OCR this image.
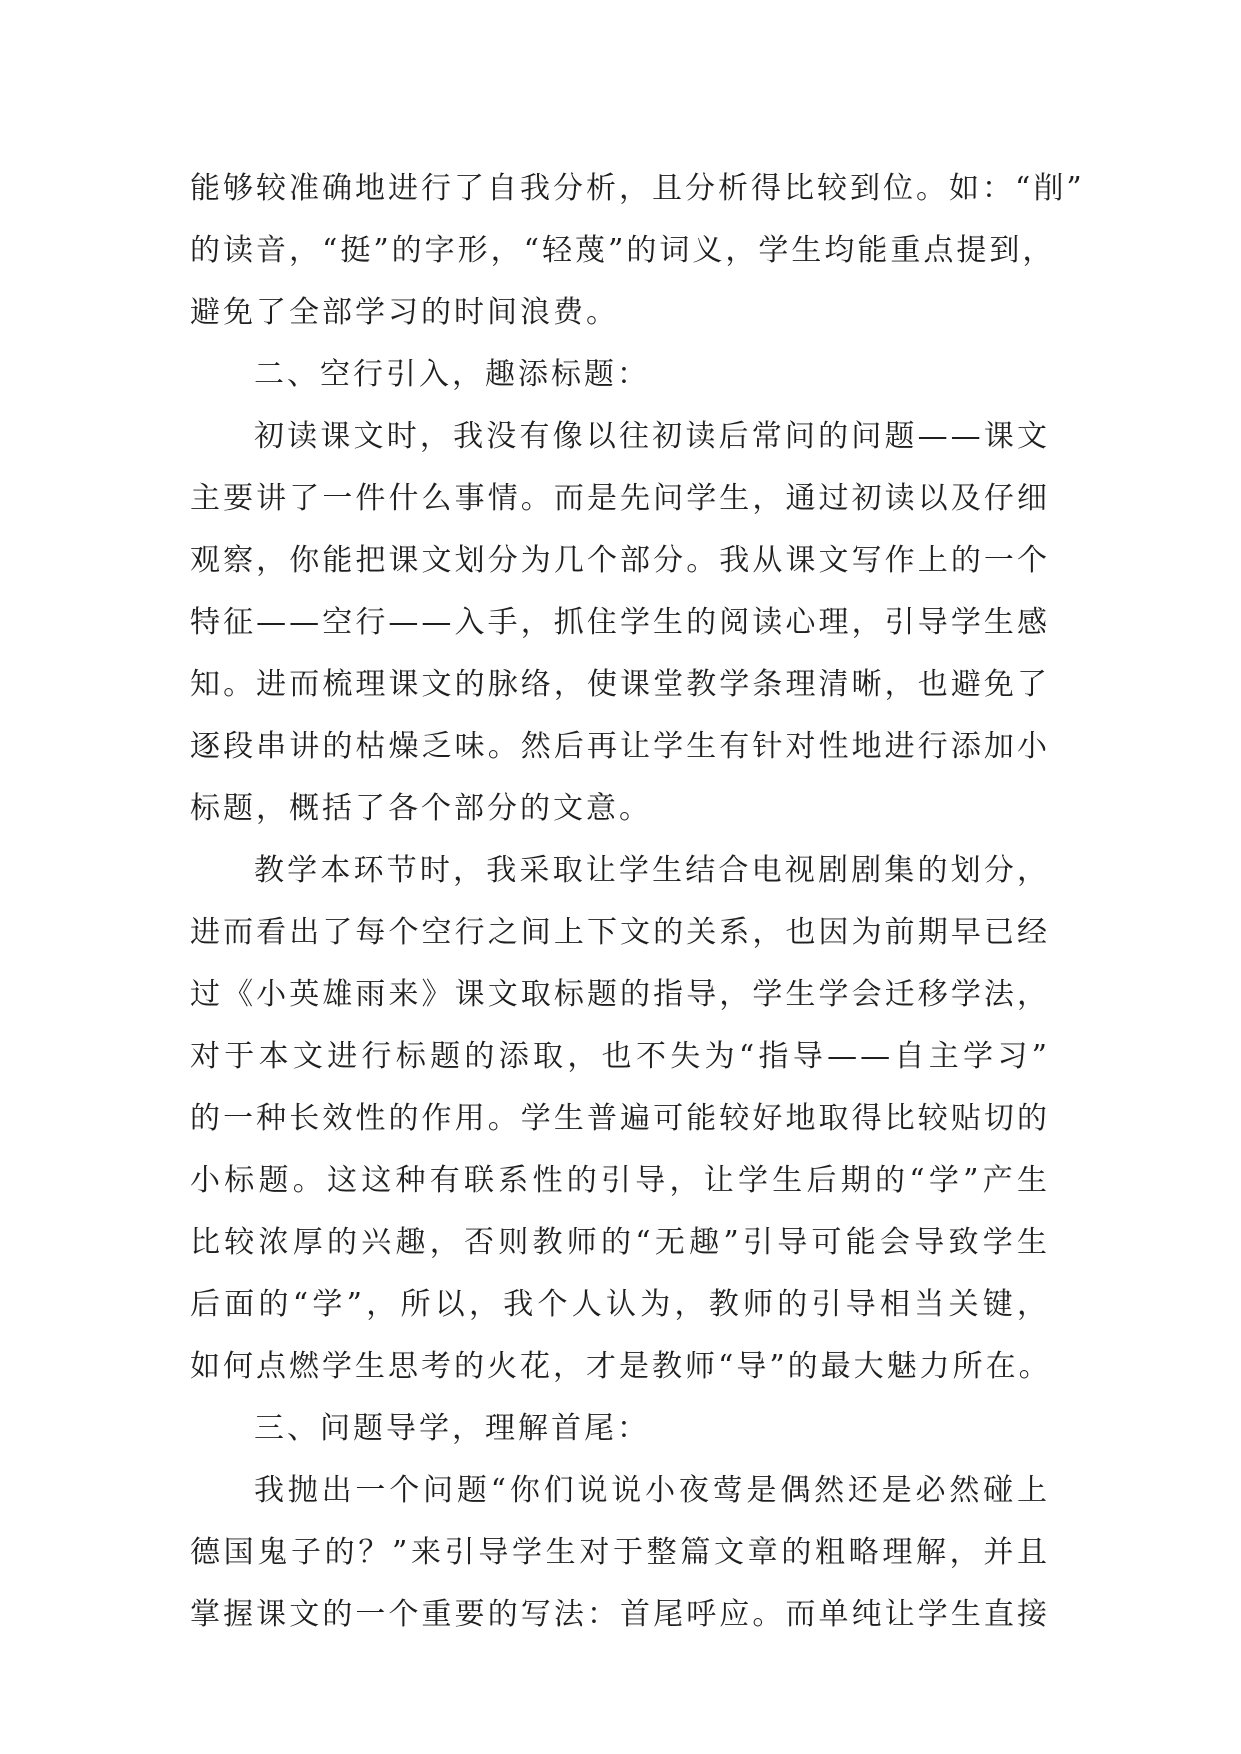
能够较准确地进行了自我分析，且分析得比较到位。如：“削”
的读音，“挺”的字形，“轻蔑”的词义，学生均能重点提到，
避免了全部学习的时间浪费。
二、空行引入，趣添标题：
初读课文时，我没有像以往初读后常问的问题——课文
主要讲了一件什么事情。而是先问学生，通过初读以及仔细
观察，你能把课文划分为几个部分。我从课文写作上的一个
特征——空行——入手，抓住学生的阅读心理，引导学生感
知。进而梳理课文的脉络，使课堂教学条理清晰，也避免了
逐段串讲的枯燥乏味。然后再让学生有针对性地进行添加小
标题，概括了各个部分的文意。
教学本环节时，我采取让学生结合电视剧剧集的划分，
进而看出了每个空行之间上下文的关系，也因为前期早已经
过《小英雄雨来》课文取标题的指导，学生学会迁移学法，
对于本文进行标题的添取，也不失为“指导——自主学习”
的一种长效性的作用。学生普遍可能较好地取得比较贴切的
小标题。这这种有联系性的引导，让学生后期的“学”产生
比较浓厚的兴趣，否则教师的“无趣”引导可能会导致学生
后面的“学”，所以，我个人认为，教师的引导相当关键，
如何点燃学生思考的火花，才是教师“导”的最大魅力所在。
三、问题导学，理解首尾：
我抛出一个问题“你们说说小夜莺是偶然还是必然碰上
德国鬼子的？”来引导学生对于整篇文章的粗略理解，并且
掌握课文的一个重要的写法：首尾呼应。而单纯让学生直接
